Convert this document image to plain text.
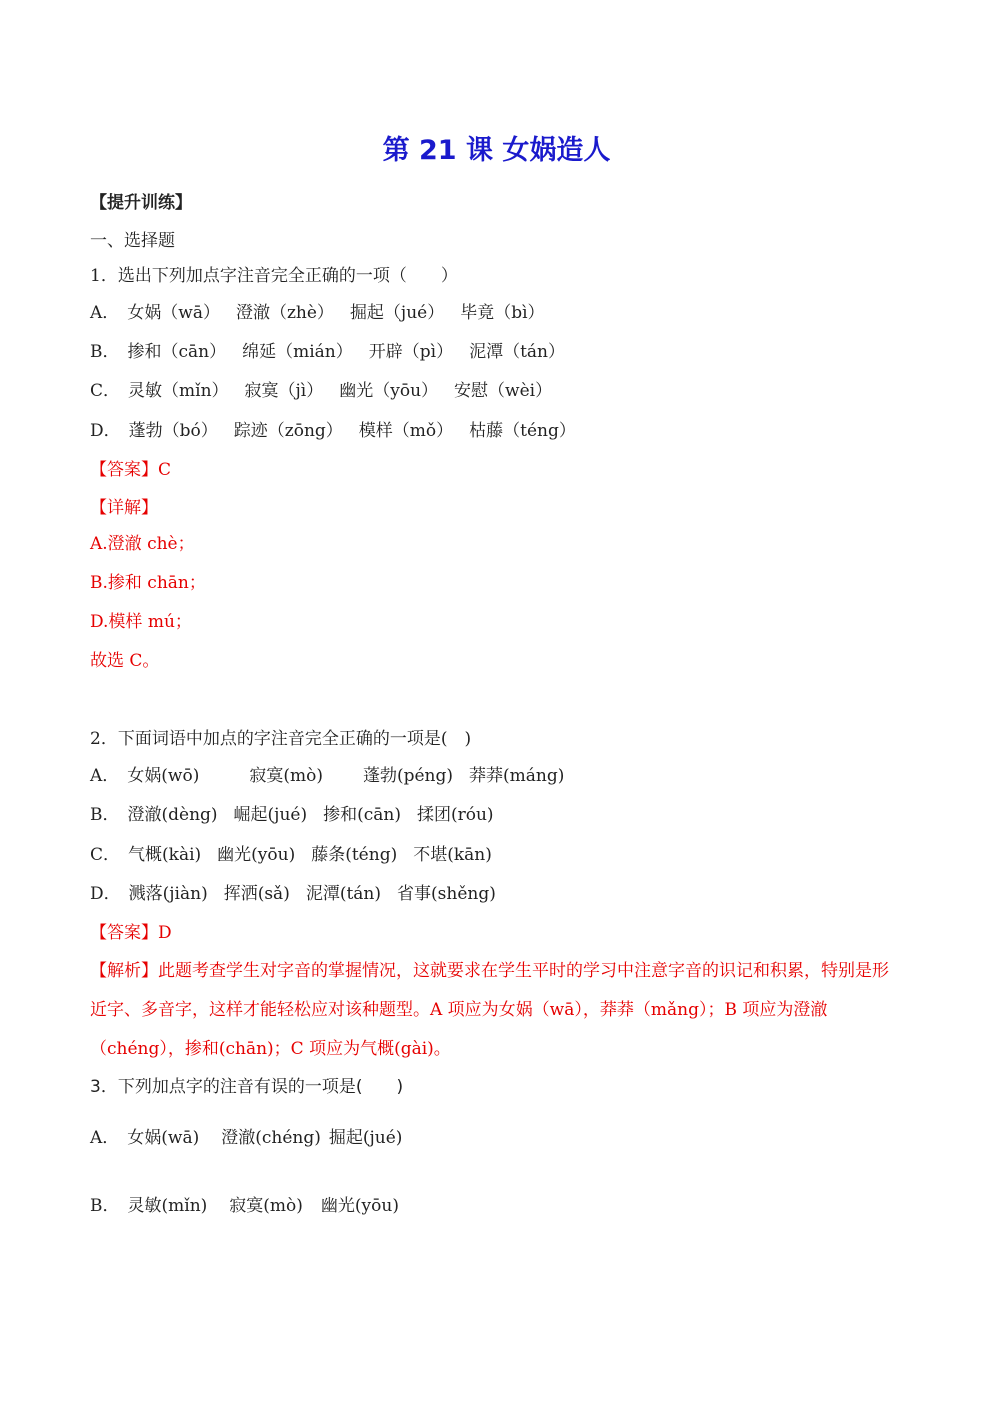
第 21 课 女娲造人
【提升训练】
一、选择题
1．选出下列加点字注音完全正确的一项（　　）
A． 女娲（wā） 澄澈（zhè） 掘起（jué） 毕竟（bì）
B． 掺和（cān） 绵延（mián） 开辟（pì） 泥潭（tán）
C． 灵敏（mǐn） 寂寞（jì） 幽光（yōu） 安慰（wèi）
D． 蓬勃（bó） 踪迹（zōng） 模样（mǒ） 枯藤（téng）
【答案】C
【详解】
A.澄澈 chè；
B.掺和 chān；
D.模样 mú；
故选 C。
2．下面词语中加点的字注音完全正确的一项是(　)
A． 女娲(wō)	寂寞(mò) 蓬勃(péng) 莽莽(máng)
B． 澄澈(dèng) 崛起(jué) 掺和(cān) 揉团(róu)
C． 气概(kài) 幽光(yōu) 藤条(téng) 不堪(kān)
D． 溅落(jiàn) 挥洒(sǎ) 泥潭(tán) 省事(shěng)
【答案】D
【解析】此题考查学生对字音的掌握情况，这就要求在学生平时的学习中注意字音的识记和积累，特别是形近字、多音字，这样才能轻松应对该种题型。A 项应为女娲（wā），莽莽（mǎng）；B 项应为澄澈（chéng），掺和(chān)；C 项应为气概(gài)。
3．下列加点字的注音有误的一项是(　　)
A． 女娲(wā) 澄澈(chéng) 掘起(jué)
B． 灵敏(mǐn) 寂寞(mò) 幽光(yōu)
